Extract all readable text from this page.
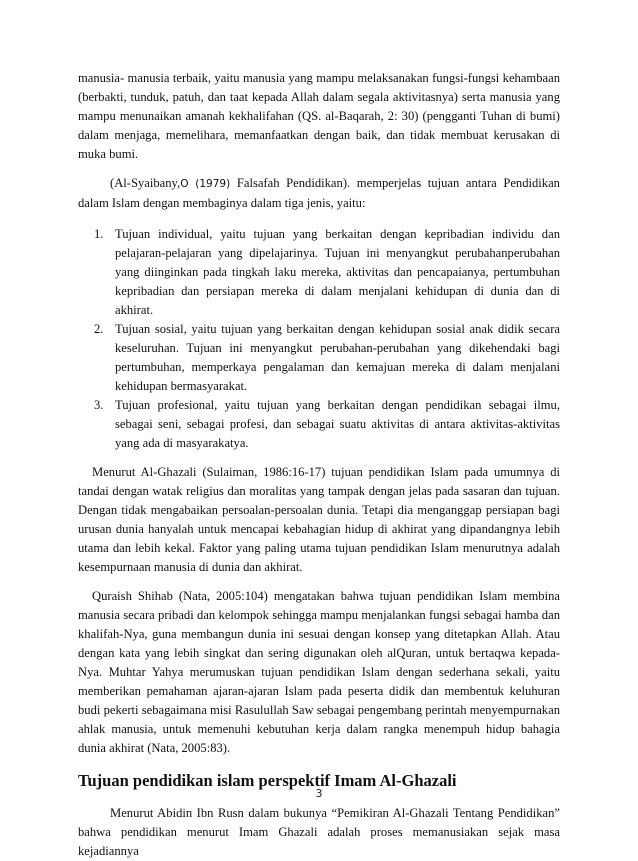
manusia- manusia terbaik, yaitu manusia yang mampu melaksanakan fungsi-fungsi kehambaan (berbakti, tunduk, patuh, dan taat kepada Allah dalam segala aktivitasnya) serta manusia yang mampu menunaikan amanah kekhalifahan (QS. al-Baqarah, 2: 30) (pengganti Tuhan di bumi) dalam menjaga, memelihara, memanfaatkan dengan baik, dan tidak membuat kerusakan di muka bumi.

(Al-Syaibany,O (1979) Falsafah Pendidikan). memperjelas tujuan antara Pendidikan dalam Islam dengan membaginya dalam tiga jenis, yaitu:

1. Tujuan individual, yaitu tujuan yang berkaitan dengan kepribadian individu dan pelajaran-pelajaran yang dipelajarinya. Tujuan ini menyangkut perubahanperubahan yang diinginkan pada tingkah laku mereka, aktivitas dan pencapaianya, pertumbuhan kepribadian dan persiapan mereka di dalam menjalani kehidupan di dunia dan di akhirat.
2. Tujuan sosial, yaitu tujuan yang berkaitan dengan kehidupan sosial anak didik secara keseluruhan. Tujuan ini menyangkut perubahan-perubahan yang dikehendaki bagi pertumbuhan, memperkaya pengalaman dan kemajuan mereka di dalam menjalani kehidupan bermasyarakat.
3. Tujuan profesional, yaitu tujuan yang berkaitan dengan pendidikan sebagai ilmu, sebagai seni, sebagai profesi, dan sebagai suatu aktivitas di antara aktivitas-aktivitas yang ada di masyarakatya.

Menurut Al-Ghazali (Sulaiman, 1986:16-17) tujuan pendidikan Islam pada umumnya di tandai dengan watak religius dan moralitas yang tampak dengan jelas pada sasaran dan tujuan. Dengan tidak mengabaikan persoalan-persoalan dunia. Tetapi dia menganggap persiapan bagi urusan dunia hanyalah untuk mencapai kebahagian hidup di akhirat yang dipandangnya lebih utama dan lebih kekal. Faktor yang paling utama tujuan pendidikan Islam menurutnya adalah kesempurnaan manusia di dunia dan akhirat.

Quraish Shihab (Nata, 2005:104) mengatakan bahwa tujuan pendidikan Islam membina manusia secara pribadi dan kelompok sehingga mampu menjalankan fungsi sebagai hamba dan khalifah-Nya, guna membangun dunia ini sesuai dengan konsep yang ditetapkan Allah. Atau dengan kata yang lebih singkat dan sering digunakan oleh alQuran, untuk bertaqwa kepada-Nya. Muhtar Yahya merumuskan tujuan pendidikan Islam dengan sederhana sekali, yaitu memberikan pemahaman ajaran-ajaran Islam pada peserta didik dan membentuk keluhuran budi pekerti sebagaimana misi Rasulullah Saw sebagai pengembang perintah menyempurnakan ahlak manusia, untuk memenuhi kebutuhan kerja dalam rangka menempuh hidup bahagia dunia akhirat (Nata, 2005:83).

Tujuan pendidikan islam perspektif Imam Al-Ghazali

Menurut Abidin Ibn Rusn dalam bukunya “Pemikiran Al-Ghazali Tentang Pendidikan” bahwa pendidikan menurut Imam Ghazali adalah proses memanusiakan sejak masa kejadiannya

3
